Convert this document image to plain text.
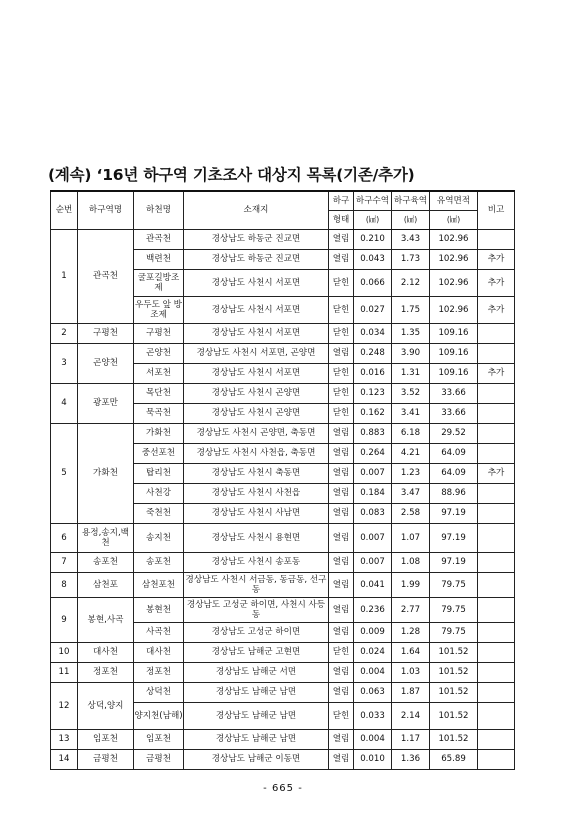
(계속) ‘16년 하구역 기초조사 대상지 목록(기존/추가)
순번	하구역명	하천명	소재지	하구	하구수역	하구육역	유역면적	비고
				형태	(㎢)	(㎢)	(㎢)	
1	관곡천	관곡천	경상남도 하동군 진교면	열림	0.210	3.43	102.96	
		백련천	경상남도 하동군 진교면	열림	0.043	1.73	102.96	추가
		굴포길방조제	경상남도 사천시 서포면	닫힌	0.066	2.12	102.96	추가
		우두도 앞 방조제	경상남도 사천시 서포면	닫힌	0.027	1.75	102.96	추가
2	구평천	구평천	경상남도 사천시 서포면	닫힌	0.034	1.35	109.16	
3	곤양천	곤양천	경상남도 사천시 서포면, 곤양면	열림	0.248	3.90	109.16	
		서포천	경상남도 사천시 서포면	닫힌	0.016	1.31	109.16	추가
4	광포만	목단천	경상남도 사천시 곤양면	닫힌	0.123	3.52	33.66	
		묵곡천	경상남도 사천시 곤양면	닫힌	0.162	3.41	33.66	
5	가화천	가화천	경상남도 사천시 곤양면, 축동면	열림	0.883	6.18	29.52	
		중선포천	경상남도 사천시 사천읍, 축동면	열림	0.264	4.21	64.09	
		탑리천	경상남도 사천시 축동면	열림	0.007	1.23	64.09	추가
		사천강	경상남도 사천시 사천읍	열림	0.184	3.47	88.96	
		죽천천	경상남도 사천시 사남면	열림	0.083	2.58	97.19	
6	용정,송지,백천	송지천	경상남도 사천시 용현면	열림	0.007	1.07	97.19	
7	송포천	송포천	경상남도 사천시 송포동	열림	0.007	1.08	97.19	
8	삼천포	삼천포천	경상남도 사천시 서금동, 동금동, 선구동	열림	0.041	1.99	79.75	
9	봉현,사곡	봉현천	경상남도 고성군 하이면, 사천시 사등동	열림	0.236	2.77	79.75	
		사곡천	경상남도 고성군 하이면	열림	0.009	1.28	79.75	
10	대사천	대사천	경상남도 남해군 고현면	닫힌	0.024	1.64	101.52	
11	정포천	정포천	경상남도 남해군 서면	열림	0.004	1.03	101.52	
12	상덕,양지	상덕천	경상남도 남해군 남면	열림	0.063	1.87	101.52	
		양지천(남해)	경상남도 남해군 남면	닫힌	0.033	2.14	101.52	
13	임포천	임포천	경상남도 남해군 남면	열림	0.004	1.17	101.52	
14	금평천	금평천	경상남도 남해군 이동면	열림	0.010	1.36	65.89	
- 665 -
